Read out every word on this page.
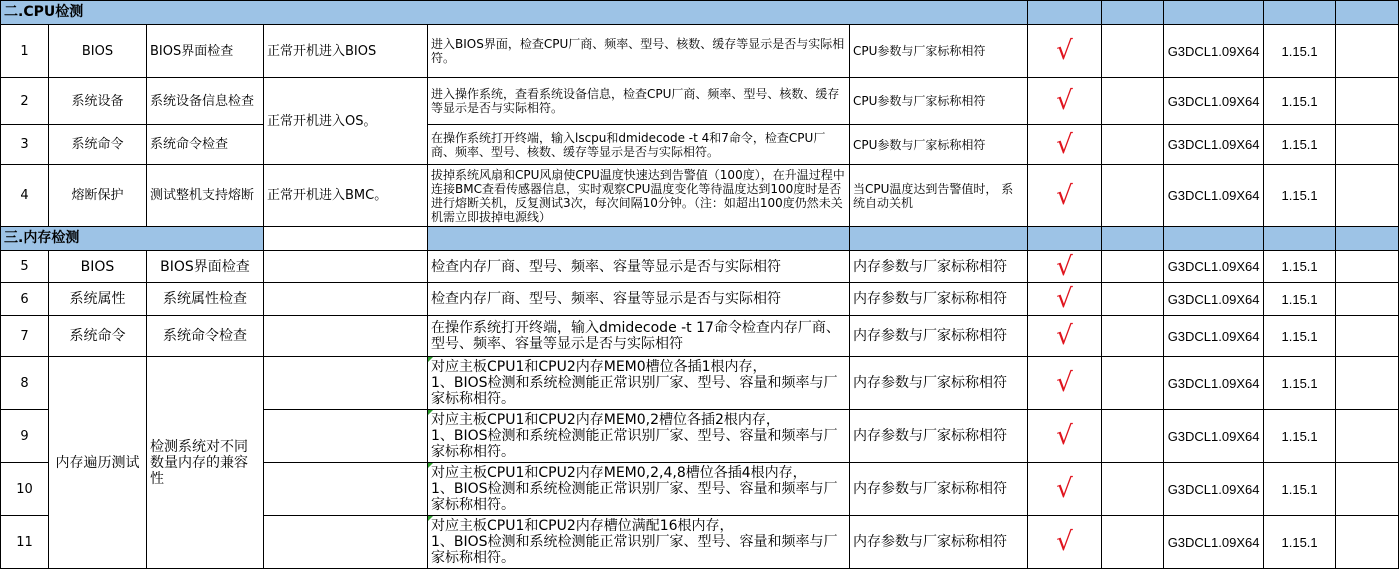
二.CPU检测										
1	BIOS	BIOS界面检查	正常开机进入BIOS	进入BIOS界面，检查CPU厂商、频率、型号、核数、缓存等显示是否与实际相符。	CPU参数与厂家标称相符	√		G3DCL1.09X64	1.15.1	
2	系统设备	系统设备信息检查	正常开机进入OS。	进入操作系统，查看系统设备信息，检查CPU厂商、频率、型号、核数、缓存等显示是否与实际相符。	CPU参数与厂家标称相符	√		G3DCL1.09X64	1.15.1	
3	系统命令	系统命令检查		在操作系统打开终端，输入lscpu和dmidecode -t 4和7命令，检查CPU厂商、频率、型号、核数、缓存等显示是否与实际相符。	CPU参数与厂家标称相符	√		G3DCL1.09X64	1.15.1	
4	熔断保护	测试整机支持熔断	正常开机进入BMC。	拔掉系统风扇和CPU风扇使CPU温度快速达到告警值（100度），在升温过程中连接BMC查看传感器信息，实时观察CPU温度变化等待温度达到100度时是否进行熔断关机，反复测试3次，每次间隔10分钟。（注：如超出100度仍然未关机需立即拔掉电源线）	当CPU温度达到告警值时， 系统自动关机	√		G3DCL1.09X64	1.15.1	
三.内存检测										
5	BIOS	BIOS界面检查		检查内存厂商、型号、频率、容量等显示是否与实际相符	内存参数与厂家标称相符	√		G3DCL1.09X64	1.15.1	
6	系统属性	系统属性检查		检查内存厂商、型号、频率、容量等显示是否与实际相符	内存参数与厂家标称相符	√		G3DCL1.09X64	1.15.1	
7	系统命令	系统命令检查		在操作系统打开终端，输入dmidecode -t 17命令检查内存厂商、型号、频率、容量等显示是否与实际相符	内存参数与厂家标称相符	√		G3DCL1.09X64	1.15.1	
8	内存遍历测试	检测系统对不同数量内存的兼容性		对应主板CPU1和CPU2内存MEM0槽位各插1根内存，
1、BIOS检测和系统检测能正常识别厂家、型号、容量和频率与厂家标称相符。	内存参数与厂家标称相符	√		G3DCL1.09X64	1.15.1	
9				对应主板CPU1和CPU2内存MEM0,2槽位各插2根内存，
1、BIOS检测和系统检测能正常识别厂家、型号、容量和频率与厂家标称相符。	内存参数与厂家标称相符	√		G3DCL1.09X64	1.15.1	
10				对应主板CPU1和CPU2内存MEM0,2,4,8槽位各插4根内存，
1、BIOS检测和系统检测能正常识别厂家、型号、容量和频率与厂家标称相符。	内存参数与厂家标称相符	√		G3DCL1.09X64	1.15.1	
11				对应主板CPU1和CPU2内存槽位满配16根内存，
1、BIOS检测和系统检测能正常识别厂家、型号、容量和频率与厂家标称相符。	内存参数与厂家标称相符	√		G3DCL1.09X64	1.15.1	
